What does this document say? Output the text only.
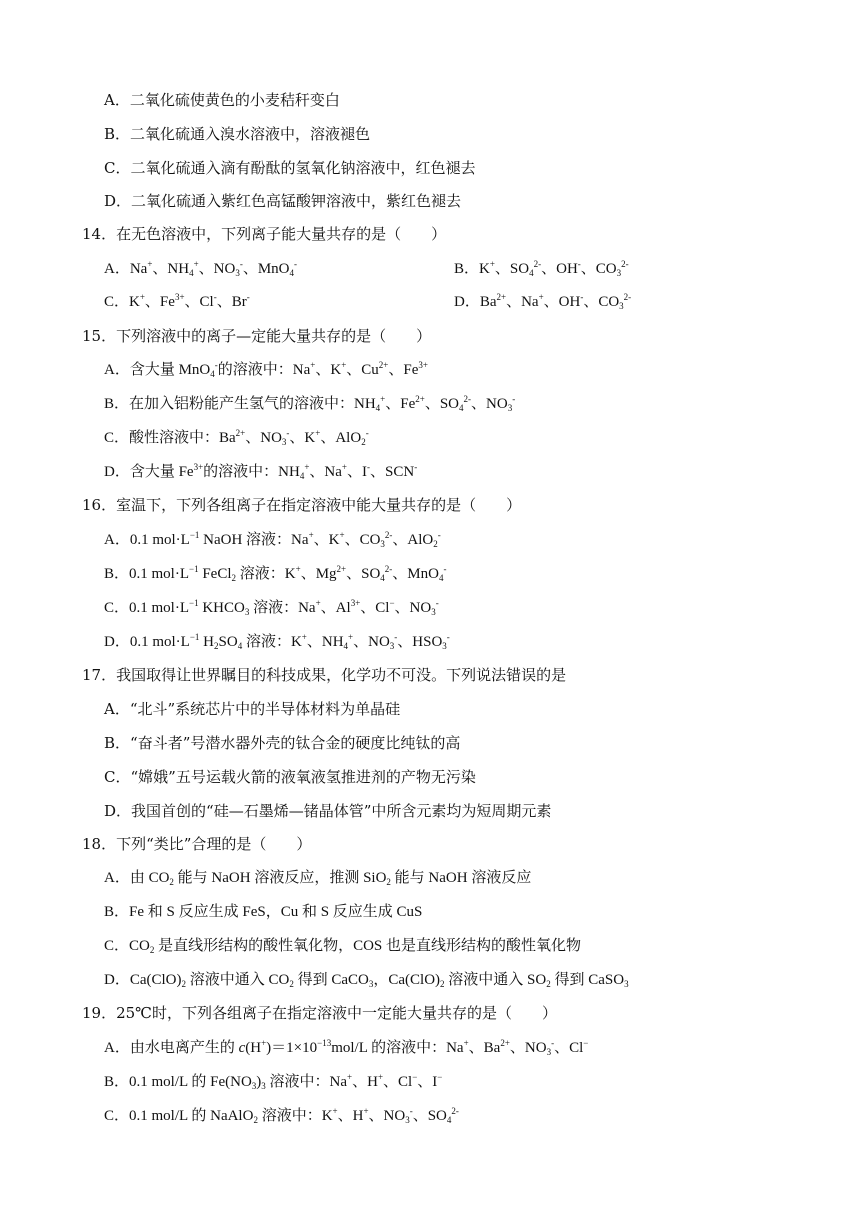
A．二氧化硫使黄色的小麦秸秆变白
B．二氧化硫通入溴水溶液中，溶液褪色
C．二氧化硫通入滴有酚酞的氢氧化钠溶液中，红色褪去
D．二氧化硫通入紫红色高锰酸钾溶液中，紫红色褪去
14．在无色溶液中，下列离子能大量共存的是（　　）
A．Na+、$NH_4^+$、$NO_3^-$、MnO$_4$-	B．K+、$SO_4^{2-}$、OH-、$CO_3^{2-}$
C．K+、$Fe^{3+}$、Cl-、Br-	D．$Ba^{2+}$、Na+、OH-、$CO_3^{2-}$
15．下列溶液中的离子—定能大量共存的是（　　）
A．含大量 MnO$_4$-的溶液中：Na+、K+、$Cu^{2+}$、$Fe^{3+}$
B．在加入铝粉能产生氢气的溶液中：$NH_4^+$、$Fe^{2+}$、$SO_4^{2-}$、$NO_3^-$
C．酸性溶液中：$Ba^{2+}$、$NO_3^-$、K+、AlO$_2$-
D．含大量 $Fe^{3+}$的溶液中：$NH_4^+$、Na+、I-、SCN-
16．室温下，下列各组离子在指定溶液中能大量共存的是（　　）
A．0.1 $mol\cdot L^{-1}$ NaOH 溶液：Na+、K+、$CO_3^{2-}$、AlO$_2$-
B．0.1 $mol\cdot L^{-1}$ FeCl$_2$ 溶液：K+、$Mg^{2+}$、$SO_4^{2-}$、MnO$_4$-
C．0.1 $mol\cdot L^{-1}$ $KHCO_3$ 溶液：Na+、$Al^{3+}$、Cl−、$NO_3^-$
D．0.1 $mol\cdot L^{-1}$ $H_2SO_4$ 溶液：K+、$NH_4^+$、$NO_3^-$、$HSO_3^-$
17．我国取得让世界瞩目的科技成果，化学功不可没。下列说法错误的是
A．“北斗”系统芯片中的半导体材料为单晶硅
B．“奋斗者”号潜水器外壳的钛合金的硬度比纯钛的高
C．“嫦娥”五号运载火箭的液氧液氢推进剂的产物无污染
D．我国首创的“硅—石墨烯—锗晶体管”中所含元素均为短周期元素
18．下列“类比”合理的是（　　）
A．由 $CO_2$ 能与 NaOH 溶液反应，推测 SiO$_2$ 能与 NaOH 溶液反应
B．Fe 和 S 反应生成 FeS，Cu 和 S 反应生成 CuS
C．$CO_2$ 是直线形结构的酸性氧化物，COS 也是直线形结构的酸性氧化物
D．$Ca(ClO)_2$ 溶液中通入 $CO_2$ 得到 CaCO$_3$，$Ca(ClO)_2$ 溶液中通入 $SO_2$ 得到 CaSO$_3$
19．25℃时，下列各组离子在指定溶液中一定能大量共存的是（　　）
A．由水电离产生的 $c(H^+)=1\times 10^{-13}mol/L$ 的溶液中：Na+、$Ba^{2+}$、$NO_3^-$、Cl−
B．0.1 mol/L 的 $Fe(NO_3)_3$ 溶液中：Na+、H+、Cl−、I−
C．0.1 mol/L 的 NaAlO$_2$ 溶液中：K+、H+、$NO_3^-$、$SO_4^{2-}$
